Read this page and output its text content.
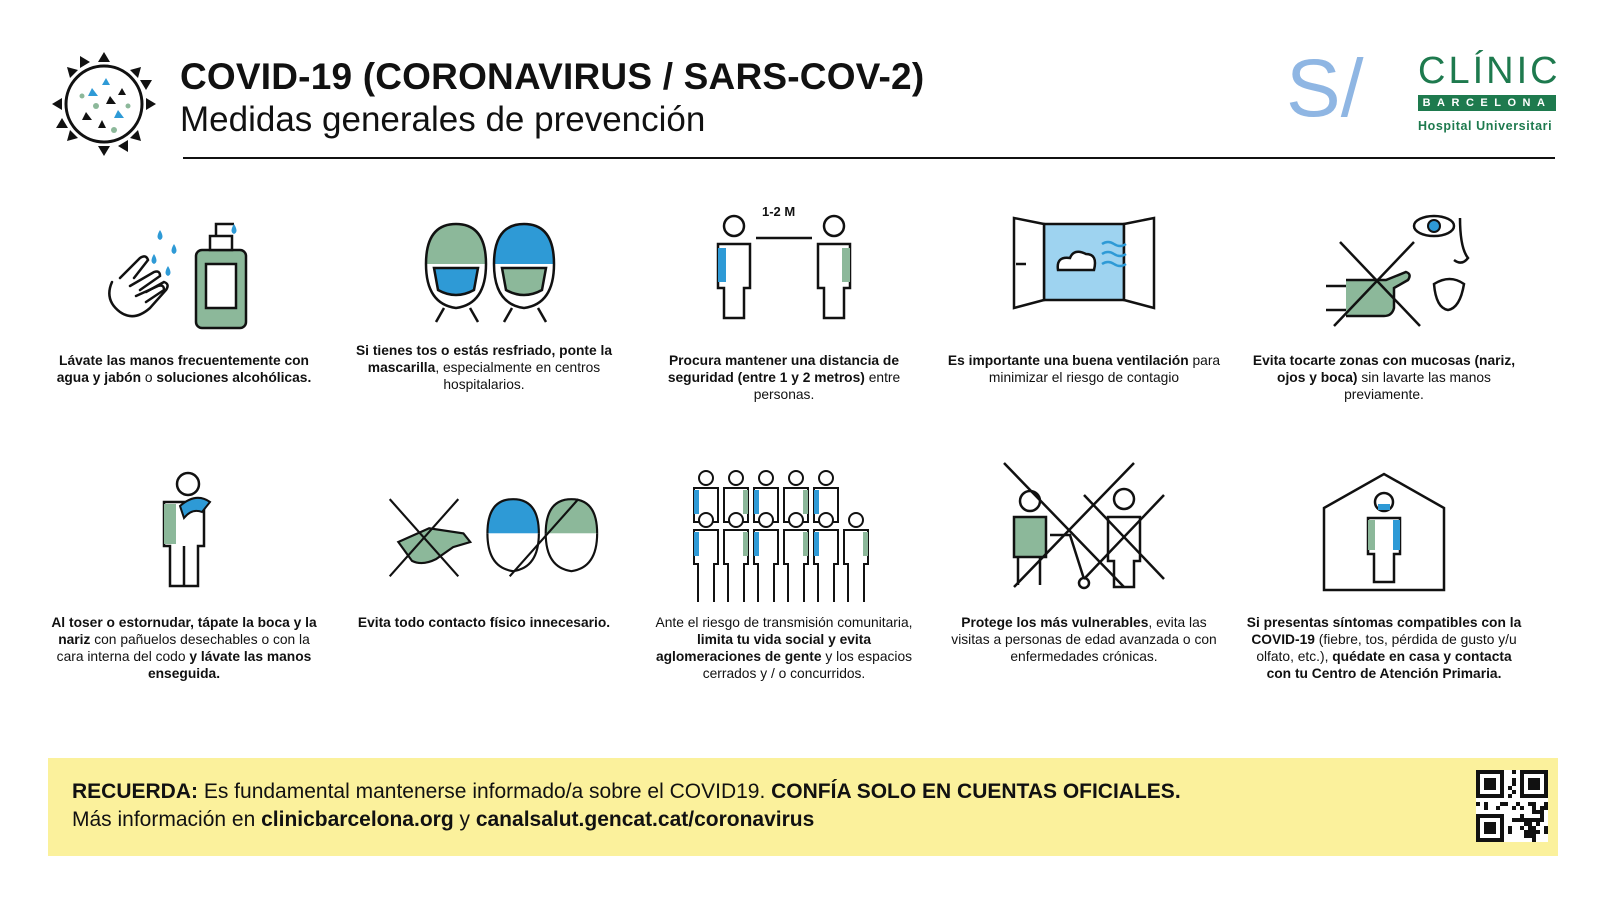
COVID-19 (CORONAVIRUS / SARS-COV-2)
Medidas generales de prevención	S/	CLÍNIC
BARCELONA
Hospital Universitari
Lávate las manos frecuentemente con agua y jabón o soluciones alcohólicas.
Si tienes tos o estás resfriado, ponte la mascarilla, especialmente en centros hospitalarios.
1-2 M
Procura mantener una distancia de seguridad (entre 1 y 2 metros) entre personas.
Es importante una buena ventilación para minimizar el riesgo de contagio
Evita tocarte zonas con mucosas (nariz, ojos y boca) sin lavarte las manos previamente.
Al toser o estornudar, tápate la boca y la nariz con pañuelos desechables o con la cara interna del codo y lávate las manos enseguida.
Evita todo contacto físico innecesario.	Ante el riesgo de transmisión comunitaria, limita tu vida social y evita aglomeraciones de gente y los espacios cerrados y / o concurridos.
Protege los más vulnerables, evita las visitas a personas de edad avanzada o con enfermedades crónicas.
Si presentas síntomas compatibles con la COVID-19 (fiebre, tos, pérdida de gusto y/u olfato, etc.), quédate en casa y contacta con tu Centro de Atención Primaria.
RECUERDA: Es fundamental mantenerse informado/a sobre el COVID19. CONFÍA SOLO EN CUENTAS OFICIALES.
Más información en clinicbarcelona.org y canalsalut.gencat.cat/coronavirus
